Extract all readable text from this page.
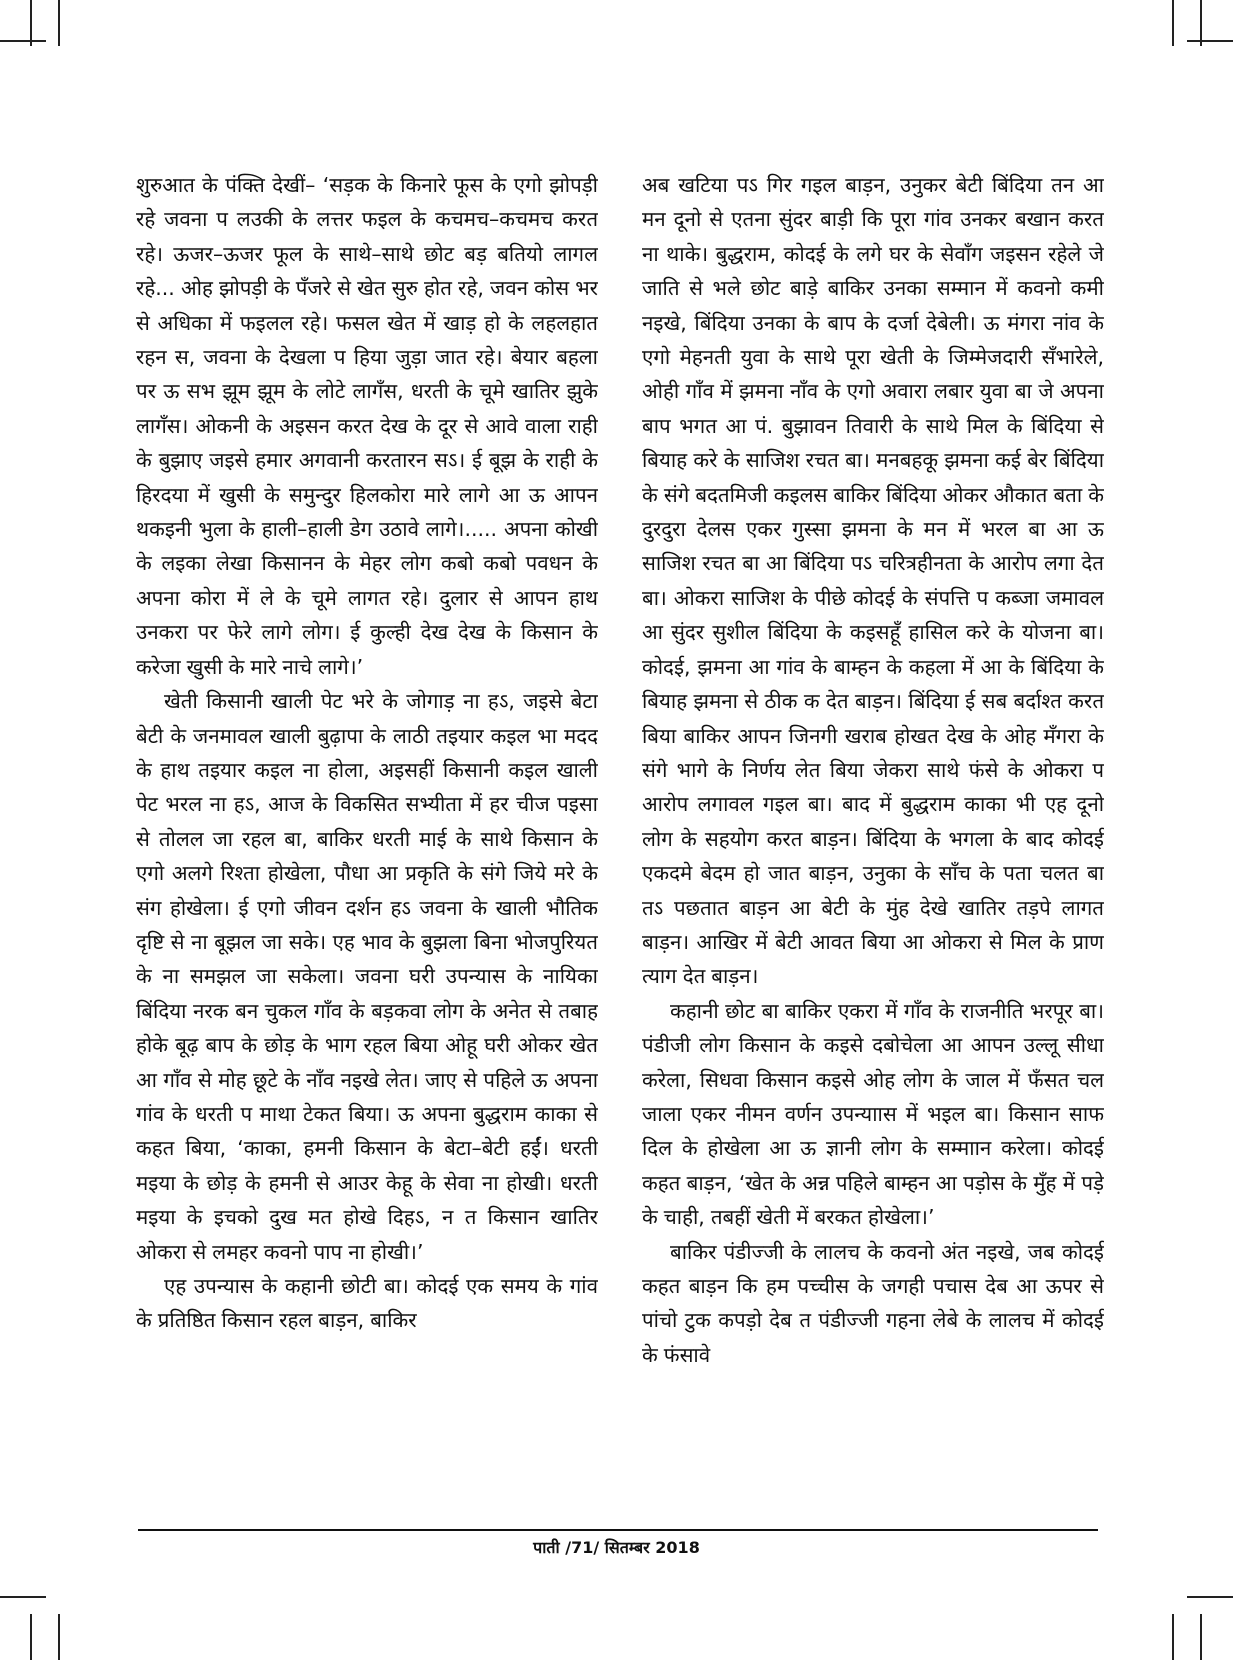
शुरुआत के पंक्ति देखीं– ‘सड़क के किनारे फूस के एगो झोपड़ी रहे जवना प लउकी के लत्तर फइल के कचमच–कचमच करत रहे। ऊजर–ऊजर फूल के साथे–साथे छोट बड़ बतियो लागल रहे... ओह झोपड़ी के पँजरे से खेत सुरु होत रहे, जवन कोस भर से अधिका में फइलल रहे। फसल खेत में खाड़ हो के लहलहात रहन स, जवना के देखला प हिया जुड़ा जात रहे। बेयार बहला पर ऊ सभ झूम झूम के लोटे लागँस, धरती के चूमे खातिर झुके लागँस। ओकनी के अइसन करत देख के दूर से आवे वाला राही के बुझाए जइसे हमार अगवानी करतारन सऽ। ई बूझ के राही के हिरदया में खुसी के समुन्दुर हिलकोरा मारे लागे आ ऊ आपन थकइनी भुला के हाली–हाली डेग उठावे लागे।..... अपना कोखी के लइका लेखा किसानन के मेहर लोग कबो कबो पवधन के अपना कोरा में ले के चूमे लागत रहे। दुलार से आपन हाथ उनकरा पर फेरे लागे लोग। ई कुल्ही देख देख के किसान के करेजा खुसी के मारे नाचे लागे।’

खेती किसानी खाली पेट भरे के जोगाड़ ना हऽ, जइसे बेटा बेटी के जनमावल खाली बुढ़ापा के लाठी तइयार कइल भा मदद के हाथ तइयार कइल ना होला, अइसहीं किसानी कइल खाली पेट भरल ना हऽ, आज के विकसित सभ्यीता में हर चीज पइसा से तोलल जा रहल बा, बाकिर धरती माई के साथे किसान के एगो अलगे रिश्ता होखेला, पौधा आ प्रकृति के संगे जिये मरे के संग होखेला। ई एगो जीवन दर्शन हऽ जवना के खाली भौतिक दृष्टि से ना बूझल जा सके। एह भाव के बुझला बिना भोजपुरियत के ना समझल जा सकेला। जवना घरी उपन्यास के नायिका बिंदिया नरक बन चुकल गाँव के बड़कवा लोग के अनेत से तबाह होके बूढ़ बाप के छोड़ के भाग रहल बिया ओहू घरी ओकर खेत आ गाँव से मोह छूटे के नाँव नइखे लेत। जाए से पहिले ऊ अपना गांव के धरती प माथा टेकत बिया। ऊ अपना बुद्धराम काका से कहत बिया, ‘काका, हमनी किसान के बेटा–बेटी हईं। धरती मइया के छोड़ के हमनी से आउर केहू के सेवा ना होखी। धरती मइया के इचको दुख मत होखे दिहऽ, न त किसान खातिर ओकरा से लमहर कवनो पाप ना होखी।’

एह उपन्यास के कहानी छोटी बा। कोदई एक समय के गांव के प्रतिष्ठित किसान रहल बाड़न, बाकिर

अब खटिया पऽ गिर गइल बाड़न, उनुकर बेटी बिंदिया तन आ मन दूनो से एतना सुंदर बाड़ी कि पूरा गांव उनकर बखान करत ना थाके। बुद्धराम, कोदई के लगे घर के सेवाँग जइसन रहेले जे जाति से भले छोट बाड़े बाकिर उनका सम्मान में कवनो कमी नइखे, बिंदिया उनका के बाप के दर्जा देबेली। ऊ मंगरा नांव के एगो मेहनती युवा के साथे पूरा खेती के जिम्मेजदारी सँभारेले, ओही गाँव में झमना नाँव के एगो अवारा लबार युवा बा जे अपना बाप भगत आ पं. बुझावन तिवारी के साथे मिल के बिंदिया से बियाह करे के साजिश रचत बा। मनबहकू झमना कई बेर बिंदिया के संगे बदतमिजी कइलस बाकिर बिंदिया ओकर औकात बता के दुरदुरा देलस एकर गुस्सा झमना के मन में भरल बा आ ऊ साजिश रचत बा आ बिंदिया पऽ चरित्रहीनता के आरोप लगा देत बा। ओकरा साजिश के पीछे कोदई के संपत्ति प कब्जा जमावल आ सुंदर सुशील बिंदिया के कइसहूँ हासिल करे के योजना बा। कोदई, झमना आ गांव के बाम्हन के कहला में आ के बिंदिया के बियाह झमना से ठीक क देत बाड़न। बिंदिया ई सब बर्दाश्त करत बिया बाकिर आपन जिनगी खराब होखत देख के ओह मँगरा के संगे भागे के निर्णय लेत बिया जेकरा साथे फंसे के ओकरा प आरोप लगावल गइल बा। बाद में बुद्धराम काका भी एह दूनो लोग के सहयोग करत बाड़न। बिंदिया के भगला के बाद कोदई एकदमे बेदम हो जात बाड़न, उनुका के साँच के पता चलत बा तऽ पछतात बाड़न आ बेटी के मुंह देखे खातिर तड़पे लागत बाड़न। आखिर में बेटी आवत बिया आ ओकरा से मिल के प्राण त्याग देत बाड़न।

कहानी छोट बा बाकिर एकरा में गाँव के राजनीति भरपूर बा। पंडीजी लोग किसान के कइसे दबोचेला आ आपन उल्लू सीधा करेला, सिधवा किसान कइसे ओह लोग के जाल में फँसत चल जाला एकर नीमन वर्णन उपन्याास में भइल बा। किसान साफ दिल के होखेला आ ऊ ज्ञानी लोग के सम्माान करेला। कोदई कहत बाड़न, ‘खेत के अन्न पहिले बाम्हन आ पड़ोस के मुँह में पड़े के चाही, तबहीं खेती में बरकत होखेला।’

बाकिर पंडीज्जी के लालच के कवनो अंत नइखे, जब कोदई कहत बाड़न कि हम पच्चीस के जगही पचास देब आ ऊपर से पांचो टुक कपड़ो देब त पंडीज्जी गहना लेबे के लालच में कोदई के फंसावे

पाती /71/ सितम्बर 2018
